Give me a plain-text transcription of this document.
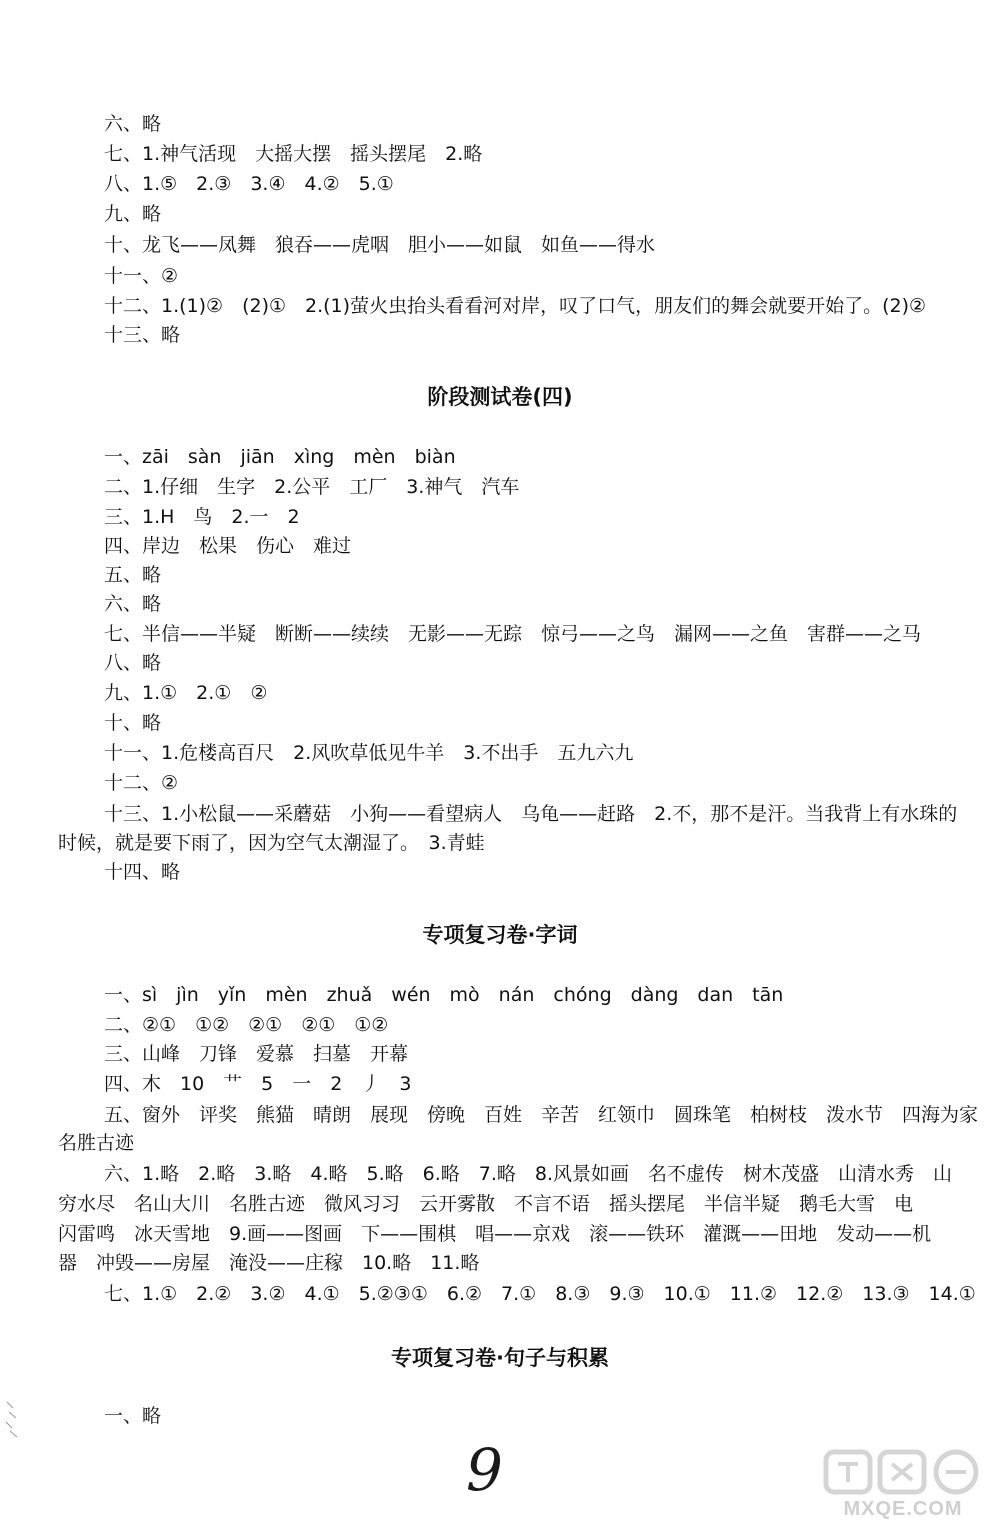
六、略
七、1.神气活现　大摇大摆　摇头摆尾　2.略
八、1.⑤　2.③　3.④　4.②　5.①
九、略
十、龙飞——凤舞　狼吞——虎咽　胆小——如鼠　如鱼——得水
十一、②
十二、1.(1)②　(2)①　2.(1)萤火虫抬头看看河对岸，叹了口气，朋友们的舞会就要开始了。(2)②
十三、略
阶段测试卷(四)
一、zāi　sàn　jiān　xìng　mèn　biàn
二、1.仔细　生字　2.公平　工厂　3.神气　汽车
三、1.H　鸟　2.一　2
四、岸边　松果　伤心　难过
五、略
六、略
七、半信——半疑　断断——续续　无影——无踪　惊弓——之鸟　漏网——之鱼　害群——之马
八、略
九、1.①　2.①　②
十、略
十一、1.危楼高百尺　2.风吹草低见牛羊　3.不出手　五九六九
十二、②
十三、1.小松鼠——采蘑菇　小狗——看望病人　乌龟——赶路　2.不，那不是汗。当我背上有水珠的
时候，就是要下雨了，因为空气太潮湿了。　3.青蛙
十四、略
专项复习卷·字词
一、sì　jìn　yǐn　mèn　zhuǎ　wén　mò　nán　chóng　dàng　dan　tān
二、②①　①②　②①　②①　①②
三、山峰　刀锋　爱慕　扫墓　开幕
四、木　10　艹　5　一　2　丿　3
五、窗外　评奖　熊猫　晴朗　展现　傍晚　百姓　辛苦　红领巾　圆珠笔　柏树枝　泼水节　四海为家
名胜古迹
六、1.略　2.略　3.略　4.略　5.略　6.略　7.略　8.风景如画　名不虚传　树木茂盛　山清水秀　山
穷水尽　名山大川　名胜古迹　微风习习　云开雾散　不言不语　摇头摆尾　半信半疑　鹅毛大雪　电
闪雷鸣　冰天雪地　9.画——图画　下——围棋　唱——京戏　滚——铁环　灌溉——田地　发动——机
器　冲毁——房屋　淹没——庄稼　10.略　11.略
七、1.①　2.②　3.②　4.①　5.②③①　6.②　7.①　8.③　9.③　10.①　11.②　12.②　13.③　14.①
专项复习卷·句子与积累
一、略
9
MXQE.COM
